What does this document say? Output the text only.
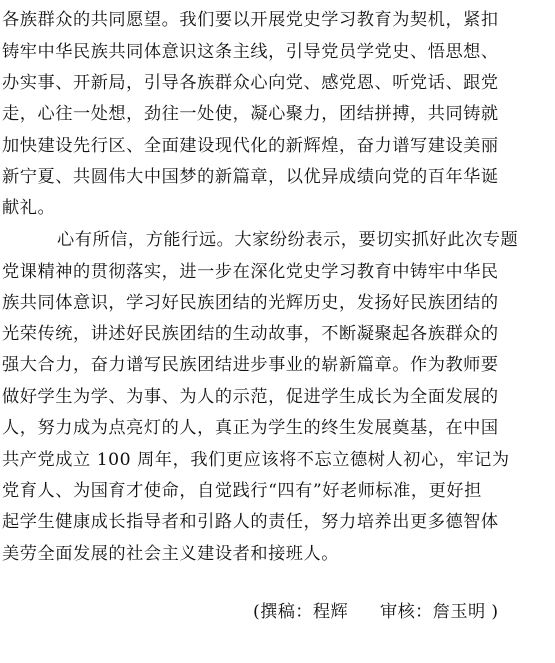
各族群众的共同愿望。我们要以开展党史学习教育为契机，紧扣
铸牢中华民族共同体意识这条主线，引导党员学党史、悟思想、
办实事、开新局，引导各族群众心向党、感党恩、听党话、跟党
走，心往一处想，劲往一处使，凝心聚力，团结拼搏，共同铸就
加快建设先行区、全面建设现代化的新辉煌，奋力谱写建设美丽
新宁夏、共圆伟大中国梦的新篇章，以优异成绩向党的百年华诞
献礼。
心有所信，方能行远。大家纷纷表示，要切实抓好此次专题
党课精神的贯彻落实，进一步在深化党史学习教育中铸牢中华民
族共同体意识，学习好民族团结的光辉历史，发扬好民族团结的
光荣传统，讲述好民族团结的生动故事，不断凝聚起各族群众的
强大合力，奋力谱写民族团结进步事业的崭新篇章。作为教师要
做好学生为学、为事、为人的示范，促进学生成长为全面发展的
人，努力成为点亮灯的人，真正为学生的终生发展奠基，在中国
共产党成立 100 周年，我们更应该将不忘立德树人初心，牢记为
党育人、为国育才使命，自觉践行“四有”好老师标准，更好担
起学生健康成长指导者和引路人的责任，努力培养出更多德智体
美劳全面发展的社会主义建设者和接班人。
(撰稿：程辉 审核：詹玉明 )
